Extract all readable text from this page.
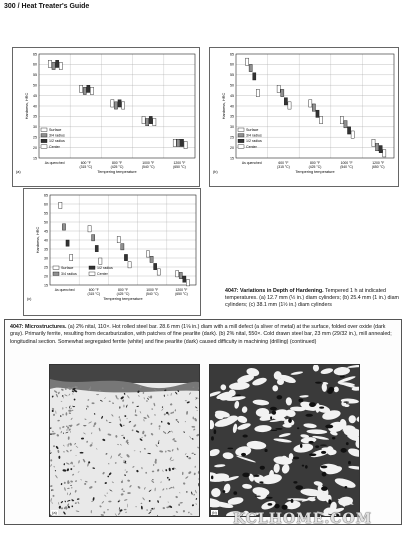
300 / Heat Treater's Guide
15
20
25
30
35
40
45
50
55
60
65
As quenched	600 °F
(315 °C)
800 °F
(425 °C)
1000 °F
(540 °C)
1200 °F
(650 °C)
Hardness, HRC
Tempering temperature
(a)
Surface
3/4 radius
1/2 radius
Center
15
20
25
30
35
40
45
50
55
60
65
As quenched	600 °F
(315 °C)
800 °F
(425 °C)
1000 °F
(540 °C)
1200 °F
(650 °C)
Hardness, HRC
Tempering temperature
(b)
Surface
3/4 radius
1/2 radius
Center
15
20
25
30
35
40
45
50
55
60
65
As quenched	600 °F
(315 °C)
800 °F
(425 °C)
1000 °F
(540 °C)
1200 °F
(650 °C)
Hardness, HRC
Tempering temperature
(c)
Surface
3/4 radius
1/2 radius
Center
4047: Variations in Depth of Hardening. Tempered 1 h at indicated temperatures. (a) 12.7 mm (½ in.) diam cylinders; (b) 25.4 mm (1 in.) diam cylinders; (c) 38.1 mm (1½ in.) diam cylinders
4047: Microstructures. (a) 2% nital, 110×. Hot rolled steel bar. 28.6 mm (1⅛ in.) diam with a mill defect (a sliver of metal) at the surface, folded over oxide (dark gray). Primarily ferrite, resulting from decarburization, with patches of fine pearlite (dark). (b) 2% nital, 550×. Cold drawn steel bar, 23 mm (29/32 in.), mill annealed; longitudinal section. Somewhat segregated ferrite (white) and fine pearlite (dark) caused difficulty in machining (drilling) (continued)
(a)	(b) KCLHOME.COM
